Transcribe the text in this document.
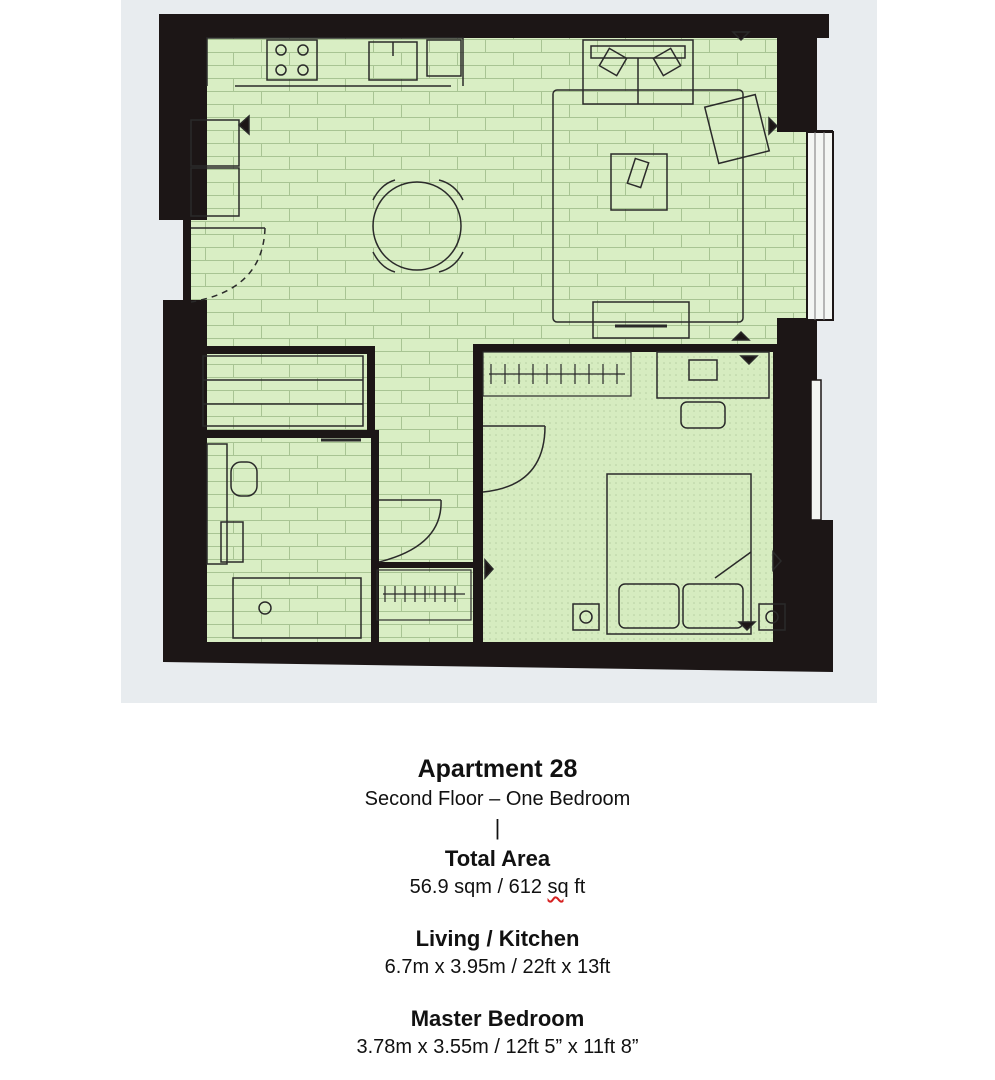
Apartment 28
Second Floor – One Bedroom
|
Total Area
56.9 sqm / 612 sq ft
Living / Kitchen
6.7m x 3.95m / 22ft x 13ft
Master Bedroom
3.78m x 3.55m / 12ft 5” x 11ft 8”
